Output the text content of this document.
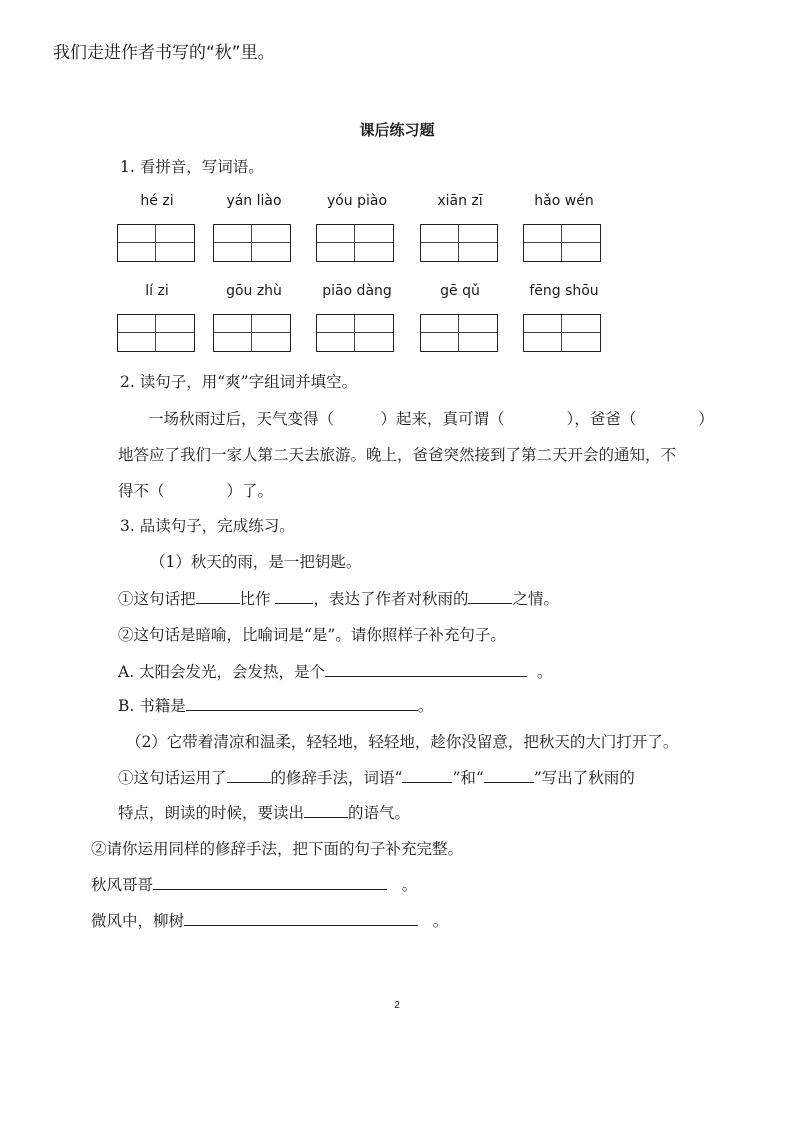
我们走进作者书写的“秋”里。
课后练习题
1. 看拼音，写词语。
hé zi	yán liào	yóu piào	xiān zī	hǎo wén
lí zi	gōu zhù	piāo dàng	gē qǔ	fēng shōu
2. 读句子，用“爽”字组词并填空。
一场秋雨过后，天气变得（　　　）起来，真可谓（　　　　），爸爸（　　　　）
地答应了我们一家人第二天去旅游。晚上，爸爸突然接到了第二天开会的通知，不
得不（　　　　）了。
3. 品读句子，完成练习。
（1）秋天的雨，是一把钥匙。
①这句话把	比作	，表达了作者对秋雨的	之情。
②这句话是暗喻，比喻词是“是”。请你照样子补充句子。
A. 太阳会发光，会发热，是个	。
B. 书籍是	。
（2）它带着清凉和温柔，轻轻地，轻轻地，趁你没留意，把秋天的大门打开了。
①这句话运用了	的修辞手法，词语“	”和“	”写出了秋雨的
特点，朗读的时候，要读出	的语气。
②请你运用同样的修辞手法，把下面的句子补充完整。
秋风哥哥	。
微风中，柳树	。
2
